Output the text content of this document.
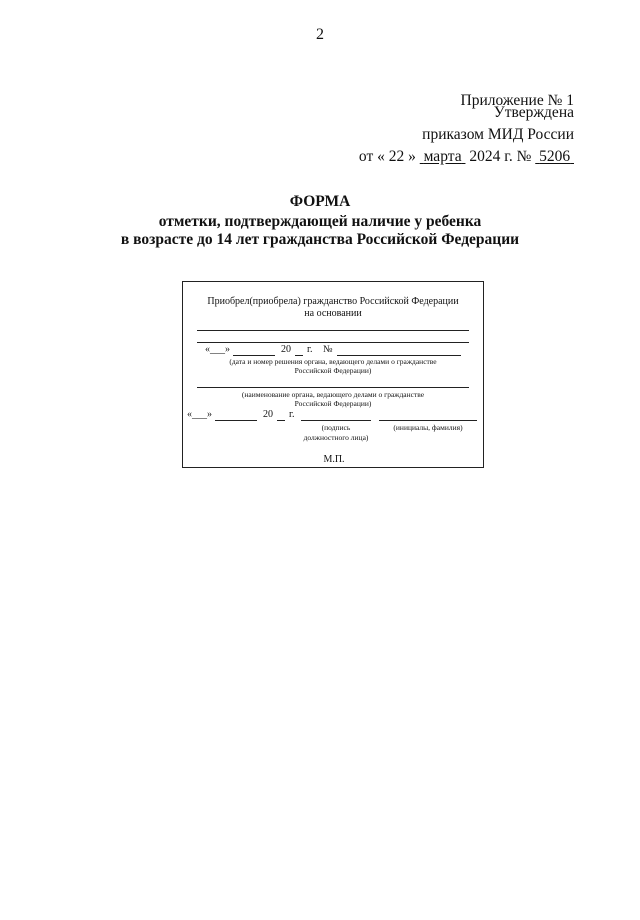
2
Приложение № 1
Утверждена
приказом МИД России
от « 22 » марта 2024 г. № 5206
ФОРМА
отметки, подтверждающей наличие у ребенка
в возрасте до 14 лет гражданства Российской Федерации
Приобрел(приобрела) гражданство Российской Федерации
на основании
«___»	20 г. №
(дата и номер решения органа, ведающего делами о гражданстве
Российской Федерации)
(наименование органа, ведающего делами о гражданстве
Российской Федерации)
«___»	20 г.
(подпись
должностного лица)
(инициалы, фамилия)
М.П.
